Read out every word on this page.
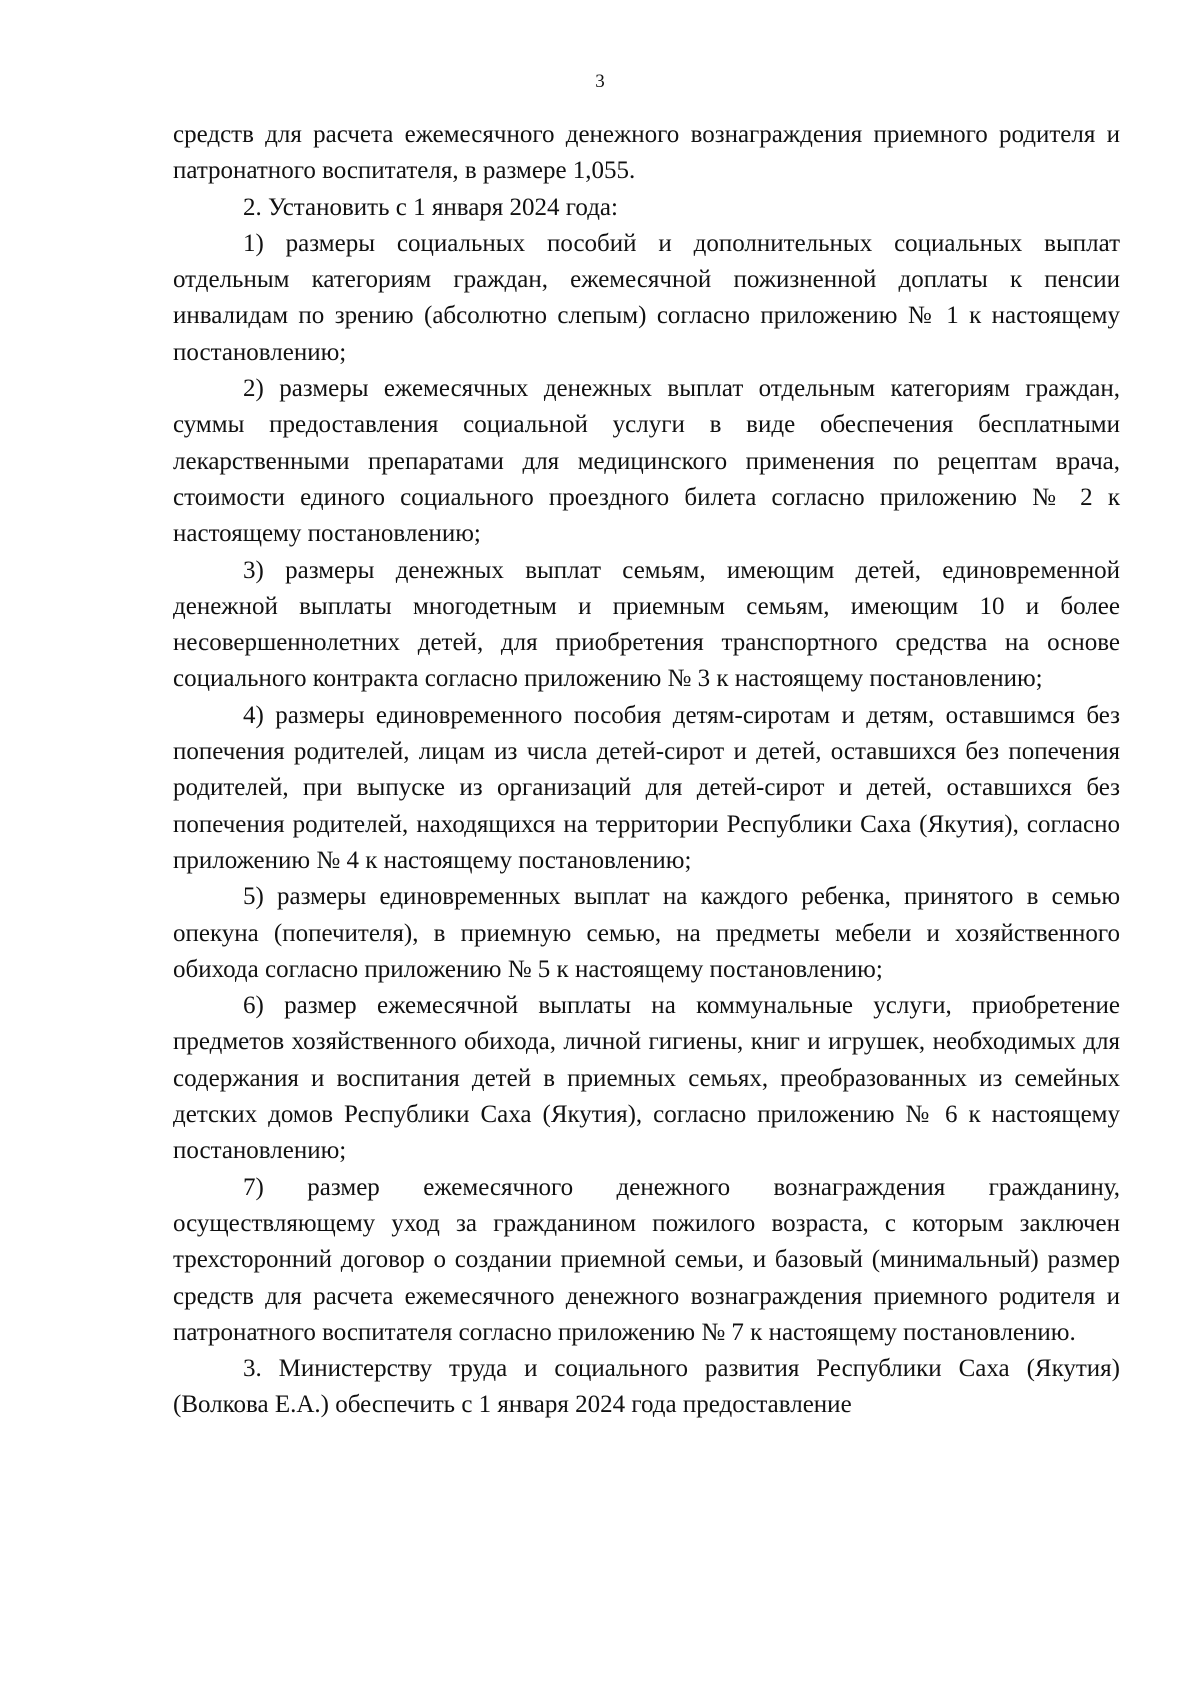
3

средств для расчета ежемесячного денежного вознаграждения приемного родителя и патронатного воспитателя, в размере 1,055.

2. Установить с 1 января 2024 года:

1) размеры социальных пособий и дополнительных социальных выплат отдельным категориям граждан, ежемесячной пожизненной доплаты к пенсии инвалидам по зрению (абсолютно слепым) согласно приложению № 1 к настоящему постановлению;

2) размеры ежемесячных денежных выплат отдельным категориям граждан, суммы предоставления социальной услуги в виде обеспечения бесплатными лекарственными препаратами для медицинского применения по рецептам врача, стоимости единого социального проездного билета согласно приложению № 2 к настоящему постановлению;

3) размеры денежных выплат семьям, имеющим детей, единовременной денежной выплаты многодетным и приемным семьям, имеющим 10 и более несовершеннолетних детей, для приобретения транспортного средства на основе социального контракта согласно приложению № 3 к настоящему постановлению;

4) размеры единовременного пособия детям-сиротам и детям, оставшимся без попечения родителей, лицам из числа детей-сирот и детей, оставшихся без попечения родителей, при выпуске из организаций для детей-сирот и детей, оставшихся без попечения родителей, находящихся на территории Республики Саха (Якутия), согласно приложению № 4 к настоящему постановлению;

5) размеры единовременных выплат на каждого ребенка, принятого в семью опекуна (попечителя), в приемную семью, на предметы мебели и хозяйственного обихода согласно приложению № 5 к настоящему постановлению;

6) размер ежемесячной выплаты на коммунальные услуги, приобретение предметов хозяйственного обихода, личной гигиены, книг и игрушек, необходимых для содержания и воспитания детей в приемных семьях, преобразованных из семейных детских домов Республики Саха (Якутия), согласно приложению № 6 к настоящему постановлению;

7) размер ежемесячного денежного вознаграждения гражданину, осуществляющему уход за гражданином пожилого возраста, с которым заключен трехсторонний договор о создании приемной семьи, и базовый (минимальный) размер средств для расчета ежемесячного денежного вознаграждения приемного родителя и патронатного воспитателя согласно приложению № 7 к настоящему постановлению.

3. Министерству труда и социального развития Республики Саха (Якутия) (Волкова Е.А.) обеспечить с 1 января 2024 года предоставление
